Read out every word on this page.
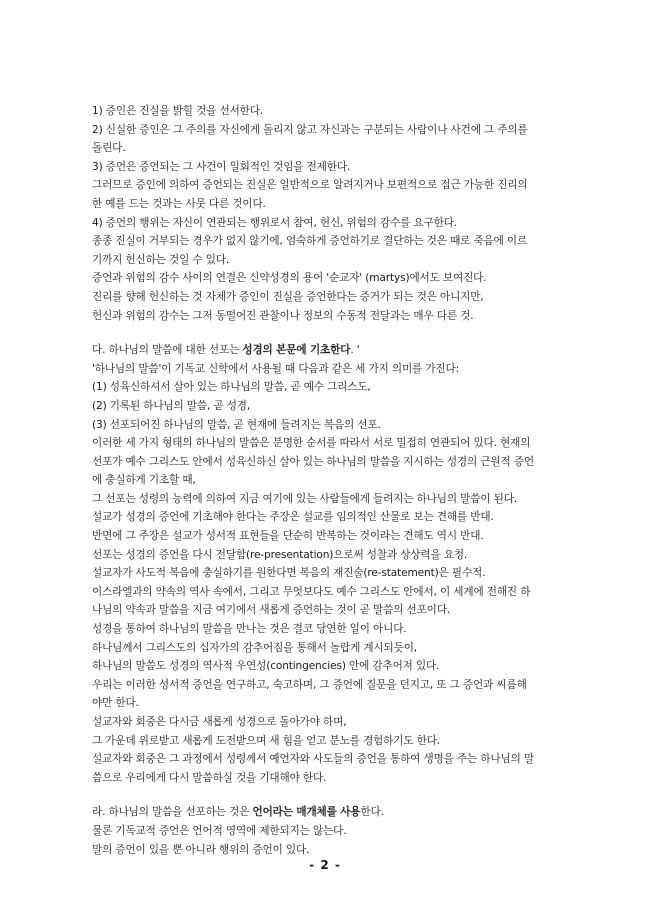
1) 증인은 진실을 밝힐 것을 선서한다.
2) 신실한 증인은 그 주의를 자신에게 돌리지 않고 자신과는 구분되는 사람이나 사건에 그 주의를
돌린다.
3) 증언은 증언되는 그 사건이 일회적인 것임을 전제한다.
그러므로 증인에 의하여 증언되는 진실은 일반적으로 알려지거나 보편적으로 접근 가능한 진리의
한 예를 드는 것과는 사뭇 다른 것이다.
4) 증언의 행위는 자신이 연관되는 행위로서 참여, 헌신, 위험의 감수를 요구한다.
종종 진실이 거부되는 경우가 없지 않기에, 엄숙하게 증언하기로 결단하는 것은 때로 죽음에 이르
기까지 헌신하는 것일 수 있다.
증언과 위험의 감수 사이의 연결은 신약성경의 용어 '순교자' (martys)에서도 보여진다.
진리를 향해 헌신하는 것 자체가 증인이 진실을 증언한다는 증거가 되는 것은 아니지만,
헌신과 위험의 감수는 그저 동떨어진 관찰이나 정보의 수동적 전달과는 매우 다른 것.
다. 하나님의 말씀에 대한 선포는 성경의 본문에 기초한다. '
'하나님의 말씀'이 기독교 신학에서 사용될 때 다음과 같은 세 가지 의미를 가진다:
(1) 성육신하셔서 살아 있는 하나님의 말씀, 곧 예수 그리스도,
(2) 기록된 하나님의 말씀, 곧 성경,
(3) 선포되어진 하나님의 말씀, 곧 현재에 들려지는 복음의 선포.
이러한 세 가지 형태의 하나님의 말씀은 분명한 순서를 따라서 서로 밀접히 연관되어 있다. 현재의
선포가 예수 그리스도 안에서 성육신하신 살아 있는 하나님의 말씀을 지시하는 성경의 근원적 증언
에 충실하게 기초할 때,
그 선포는 성령의 능력에 의하여 지금 여기에 있는 사람들에게 들려지는 하나님의 말씀이 된다.
설교가 성경의 증언에 기초해야 한다는 주장은 설교를 임의적인 산물로 보는 견해를 반대.
반면에 그 주장은 설교가 성서적 표현들을 단순히 반복하는 것이라는 견해도 역시 반대.
선포는 성경의 증언을 다시 전달함(re-presentation)으로써 성찰과 상상력을 요청.
설교자가 사도적 복음에 충실하기를 원한다면 복음의 재진술(re-statement)은 필수적.
이스라엘과의 약속의 역사 속에서, 그리고 무엇보다도 예수 그리스도 안에서, 이 세계에 전해진 하
나님의 약속과 말씀을 지금 여기에서 새롭게 증언하는 것이 곧 말씀의 선포이다.
성경을 통하여 하나님의 말씀을 만나는 것은 결코 당연한 일이 아니다.
하나님께서 그리스도의 십자가의 감추어짐을 통해서 놀랍게 계시되듯이,
하나님의 말씀도 성경의 역사적 우연성(contingencies) 안에 감추어져 있다.
우리는 이러한 성서적 증언을 연구하고, 숙고하며, 그 증언에 질문을 던지고, 또 그 증언과 씨름해
야만 한다.
설교자와 회중은 다시금 새롭게 성경으로 돌아가야 하며,
그 가운데 위로받고 새롭게 도전받으며 새 힘을 얻고 분노를 경험하기도 한다.
설교자와 회중은 그 과정에서 성령께서 예언자와 사도들의 증언을 통하여 생명을 주는 하나님의 말
씀으로 우리에게 다시 말씀하실 것을 기대해야 한다.
라. 하나님의 말씀을 선포하는 것은 언어라는 매개체를 사용한다.
물론 기독교적 증언은 언어적 영역에 제한되지는 않는다.
말의 증언이 있을 뿐 아니라 행위의 증언이 있다.
- 2 -
